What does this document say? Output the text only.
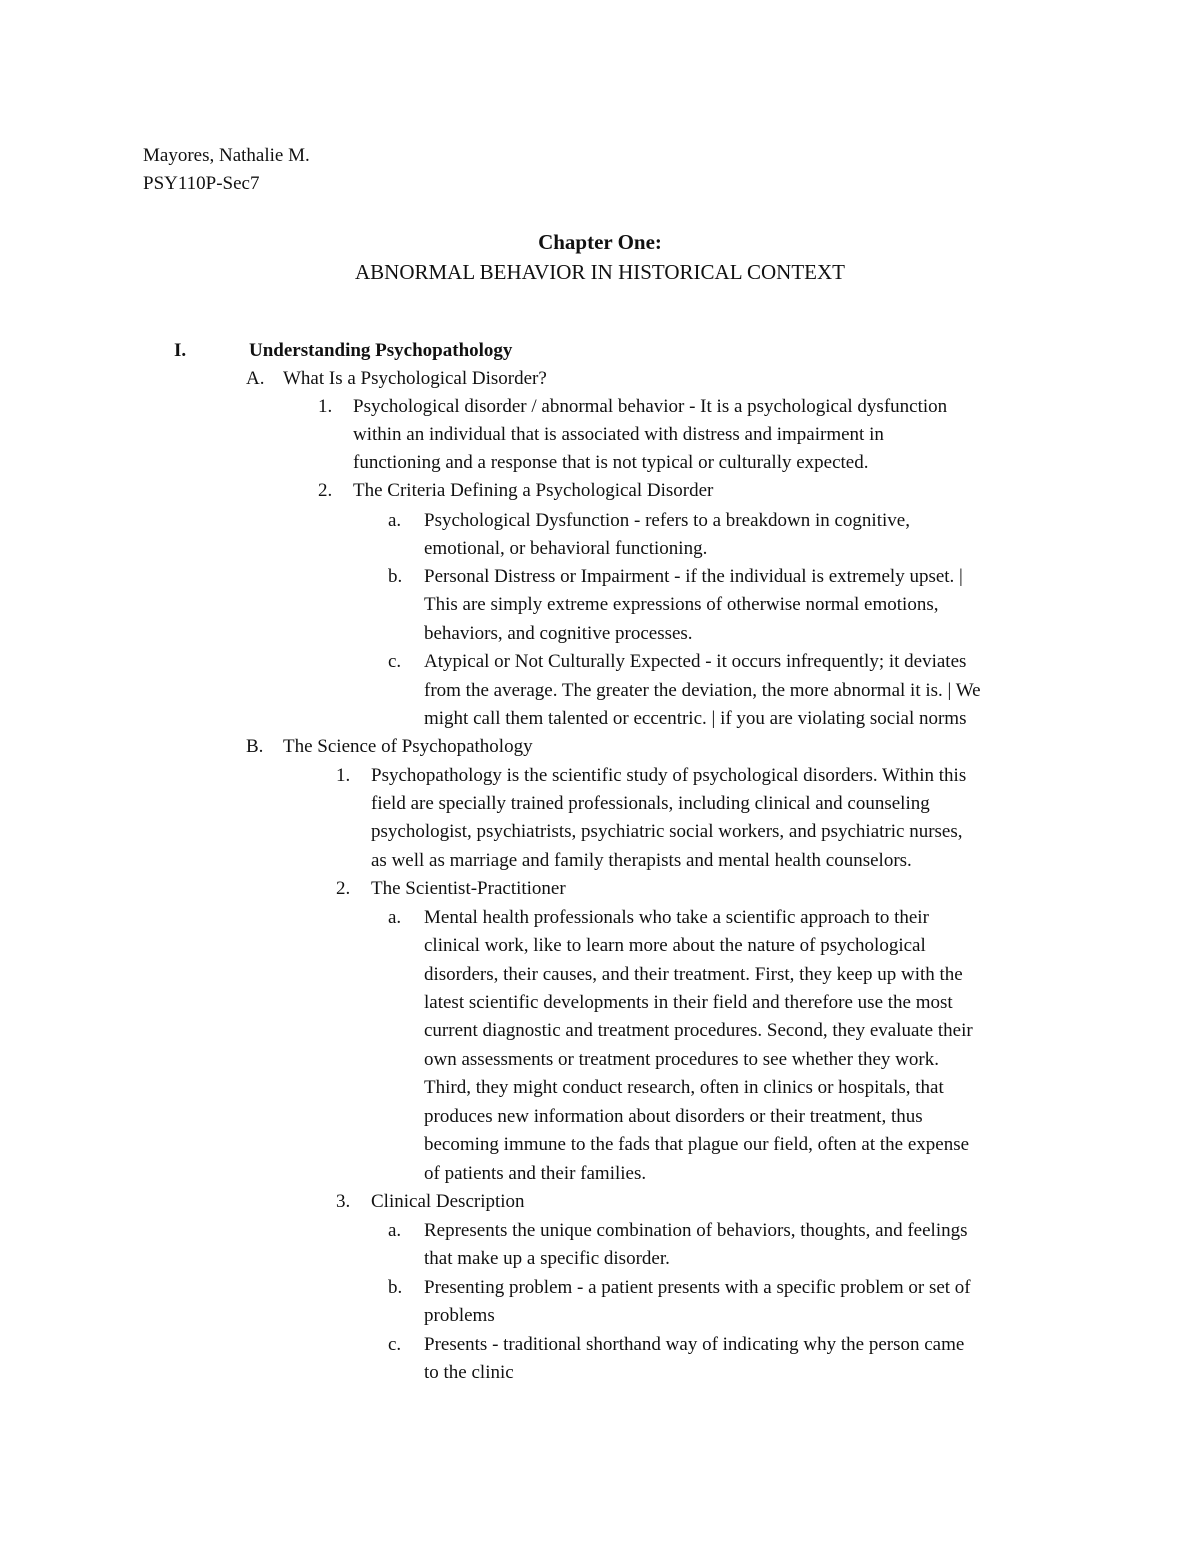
Mayores, Nathalie M.
PSY110P-Sec7
Chapter One:
ABNORMAL BEHAVIOR IN HISTORICAL CONTEXT
I.	Understanding Psychopathology
A. What Is a Psychological Disorder?
1. Psychological disorder / abnormal behavior - It is a psychological dysfunction
within an individual that is associated with distress and impairment in
functioning and a response that is not typical or culturally expected.
2. The Criteria Defining a Psychological Disorder
a. Psychological Dysfunction - refers to a breakdown in cognitive,
emotional, or behavioral functioning.
b. Personal Distress or Impairment - if the individual is extremely upset. |
This are simply extreme expressions of otherwise normal emotions,
behaviors, and cognitive processes.
c. Atypical or Not Culturally Expected - it occurs infrequently; it deviates
from the average. The greater the deviation, the more abnormal it is. | We
might call them talented or eccentric. | if you are violating social norms
B. The Science of Psychopathology
1. Psychopathology is the scientific study of psychological disorders. Within this
field are specially trained professionals, including clinical and counseling
psychologist, psychiatrists, psychiatric social workers, and psychiatric nurses,
as well as marriage and family therapists and mental health counselors.
2. The Scientist-Practitioner
a. Mental health professionals who take a scientific approach to their
clinical work, like to learn more about the nature of psychological
disorders, their causes, and their treatment. First, they keep up with the
latest scientific developments in their field and therefore use the most
current diagnostic and treatment procedures. Second, they evaluate their
own assessments or treatment procedures to see whether they work.
Third, they might conduct research, often in clinics or hospitals, that
produces new information about disorders or their treatment, thus
becoming immune to the fads that plague our field, often at the expense
of patients and their families.
3. Clinical Description
a. Represents the unique combination of behaviors, thoughts, and feelings
that make up a specific disorder.
b. Presenting problem - a patient presents with a specific problem or set of
problems
c. Presents - traditional shorthand way of indicating why the person came
to the clinic
